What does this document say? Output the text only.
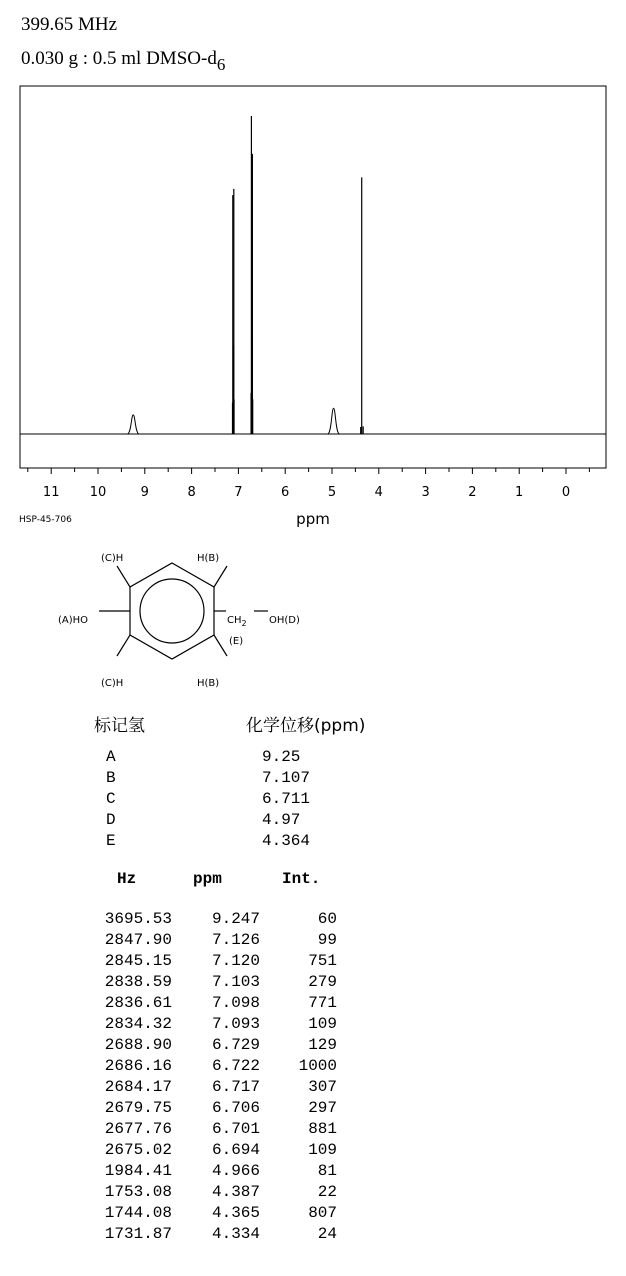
399.65 MHz
0.030 g : 0.5 ml DMSO-$d_6$
11 10	9	8	7	6	5	4	3	2	1	0
ppm
HSP-45-706
(C)H	H(B)
(A)HO	$CH_2$ OH(D)
(E)
(C)H	H(B)
标记氢	化学位移(ppm)
A	9.25
B	7.107
C	6.711
D	4.97
E	4.364
Hz	ppm	Int.
3695.53 9.247	60
2847.90 7.126	99
2845.15 7.120	751
2838.59 7.103	279
2836.61 7.098	771
2834.32 7.093	109
2688.90 6.729	129
2686.16 6.722 1000
2684.17 6.717	307
2679.75 6.706	297
2677.76 6.701	881
2675.02 6.694	109
1984.41 4.966	81
1753.08 4.387	22
1744.08 4.365	807
1731.87 4.334	24
